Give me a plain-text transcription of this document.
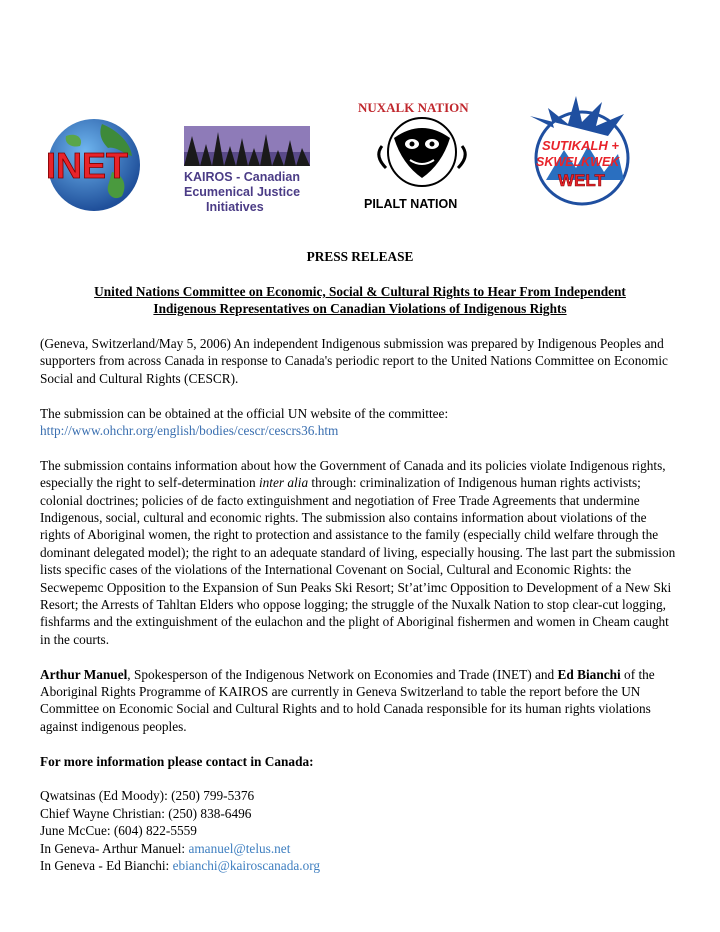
INET	KAIROS - Canadian
Ecumenical Justice
Initiatives
NUXALK NATION
PILALT NATION
SUTIKALH +
SKWELKWEK
WELT

PRESS RELEASE

United Nations Committee on Economic, Social & Cultural Rights to Hear From Independent

Indigenous Representatives on Canadian Violations of Indigenous Rights

(Geneva, Switzerland/May 5, 2006) An independent Indigenous submission was prepared by Indigenous Peoples and supporters from across Canada in response to Canada's periodic report to the United Nations Committee on Economic Social and Cultural Rights (CESCR).

The submission can be obtained at the official UN website of the committee:

http://www.ohchr.org/english/bodies/cescr/cescrs36.htm

The submission contains information about how the Government of Canada and its policies violate Indigenous rights, especially the right to self-determination inter alia through: criminalization of Indigenous human rights activists; colonial doctrines; policies of de facto extinguishment and negotiation of Free Trade Agreements that undermine Indigenous, social, cultural and economic rights. The submission also contains information about violations of the rights of Aboriginal women, the right to protection and assistance to the family (especially child welfare through the dominant delegated model); the right to an adequate standard of living, especially housing. The last part the submission lists specific cases of the violations of the International Covenant on Social, Cultural and Economic Rights: the Secwepemc Opposition to the Expansion of Sun Peaks Ski Resort; St’at’imc Opposition to Development of a New Ski Resort; the Arrests of Tahltan Elders who oppose logging; the struggle of the Nuxalk Nation to stop clear-cut logging, fishfarms and the extinguishment of the eulachon and the plight of Aboriginal fishermen and women in Cheam caught in the courts.

Arthur Manuel, Spokesperson of the Indigenous Network on Economies and Trade (INET) and Ed Bianchi of the Aboriginal Rights Programme of KAIROS are currently in Geneva Switzerland to table the report before the UN Committee on Economic Social and Cultural Rights and to hold Canada responsible for its human rights violations against indigenous peoples.

For more information please contact in Canada:

Qwatsinas (Ed Moody): (250) 799-5376

Chief Wayne Christian: (250) 838-6496

June McCue: (604) 822-5559

In Geneva- Arthur Manuel: amanuel@telus.net

In Geneva - Ed Bianchi: ebianchi@kairoscanada.org
